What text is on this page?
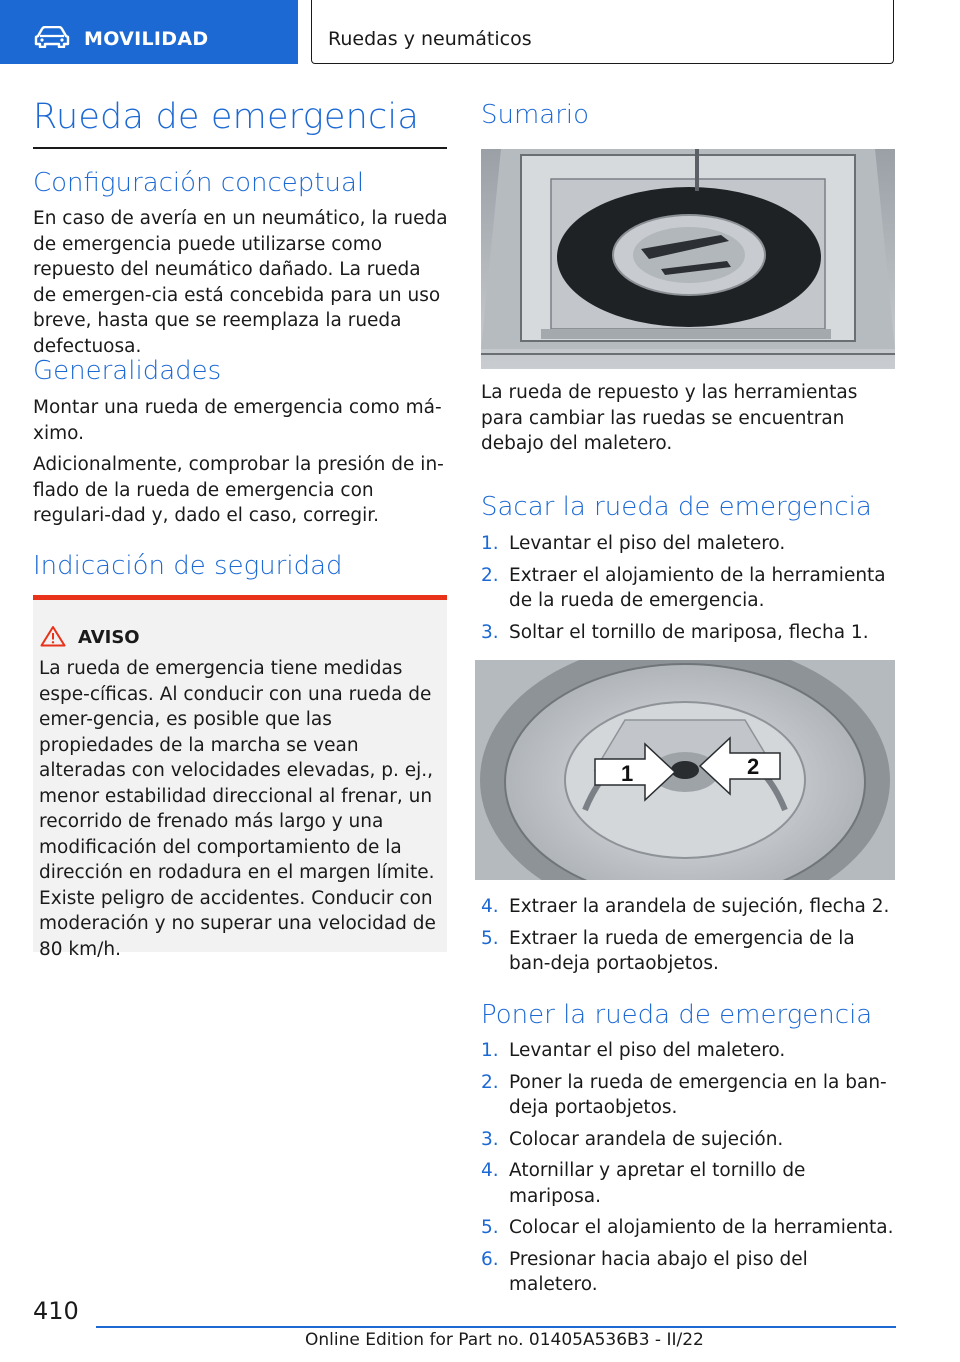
MOVILIDAD	Ruedas y neumáticos
Rueda de emergencia
Configuración conceptual

En caso de avería en un neumático, la rueda de emergencia puede utilizarse como repuesto del neumático dañado. La rueda de emergen-cia está concebida para un uso breve, hasta que se reemplaza la rueda defectuosa.

Generalidades

Montar una rueda de emergencia como má-ximo.

Adicionalmente, comprobar la presión de in-flado de la rueda de emergencia con regulari-dad y, dado el caso, corregir.

Indicación de seguridad
AVISO

La rueda de emergencia tiene medidas espe-cíficas. Al conducir con una rueda de emer-gencia, es posible que las propiedades de la marcha se vean alteradas con velocidades elevadas, p. ej., menor estabilidad direccional al frenar, un recorrido de frenado más largo y una modificación del comportamiento de la dirección en rodadura en el margen límite. Existe peligro de accidentes. Conducir con moderación y no superar una velocidad de 80 km/h.

Sumario

La rueda de repuesto y las herramientas para cambiar las ruedas se encuentran debajo del maletero.

Sacar la rueda de emergencia
1. Levantar el piso del maletero.
2. Extraer el alojamiento de la herramienta de la rueda de emergencia.
3. Soltar el tornillo de mariposa, flecha 1.
1	2
4. Extraer la arandela de sujeción, flecha 2.
5. Extraer la rueda de emergencia de la ban-deja portaobjetos.
Poner la rueda de emergencia
1. Levantar el piso del maletero.
2. Poner la rueda de emergencia en la ban-deja portaobjetos.
3. Colocar arandela de sujeción.
4. Atornillar y apretar el tornillo de mariposa.
5. Colocar el alojamiento de la herramienta.
6. Presionar hacia abajo el piso del maletero.
410
Online Edition for Part no. 01405A536B3 - II/22
